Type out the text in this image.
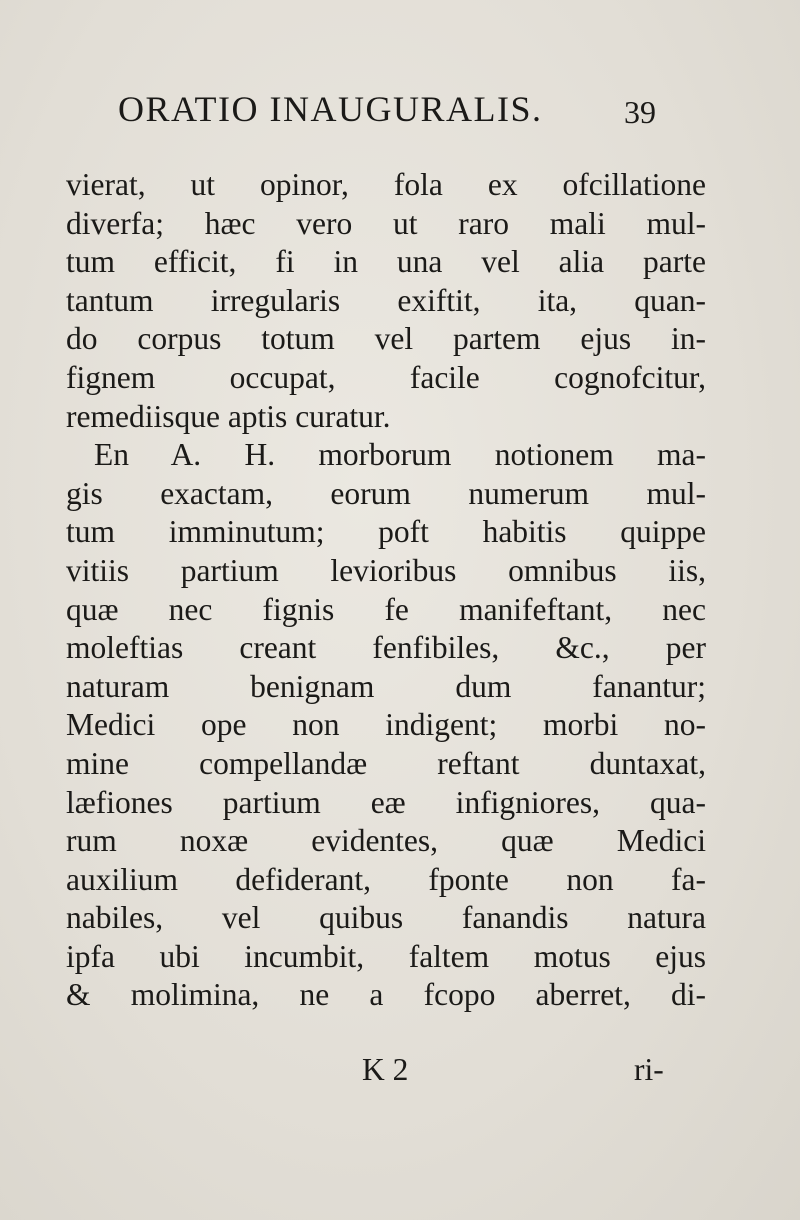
ORATIO INAUGURALIS.	39
vierat, ut opinor, fola ex ofcillatione
diverfa; hæc vero ut raro mali mul-
tum efficit, fi in una vel alia parte
tantum irregularis exiftit, ita, quan-
do corpus totum vel partem ejus in-
fignem occupat, facile cognofcitur,
remediisque aptis curatur.
En A. H. morborum notionem ma-
gis exactam, eorum numerum mul-
tum imminutum; poft habitis quippe
vitiis partium levioribus omnibus iis,
quæ nec fignis fe manifeftant, nec
moleftias creant fenfibiles, &c., per
naturam benignam dum fanantur;
Medici ope non indigent; morbi no-
mine compellandæ reftant duntaxat,
læfiones partium eæ infigniores, qua-
rum noxæ evidentes, quæ Medici
auxilium defiderant, fponte non fa-
nabiles, vel quibus fanandis natura
ipfa ubi incumbit, faltem motus ejus
& molimina, ne a fcopo aberret, di-
K 2	ri-
